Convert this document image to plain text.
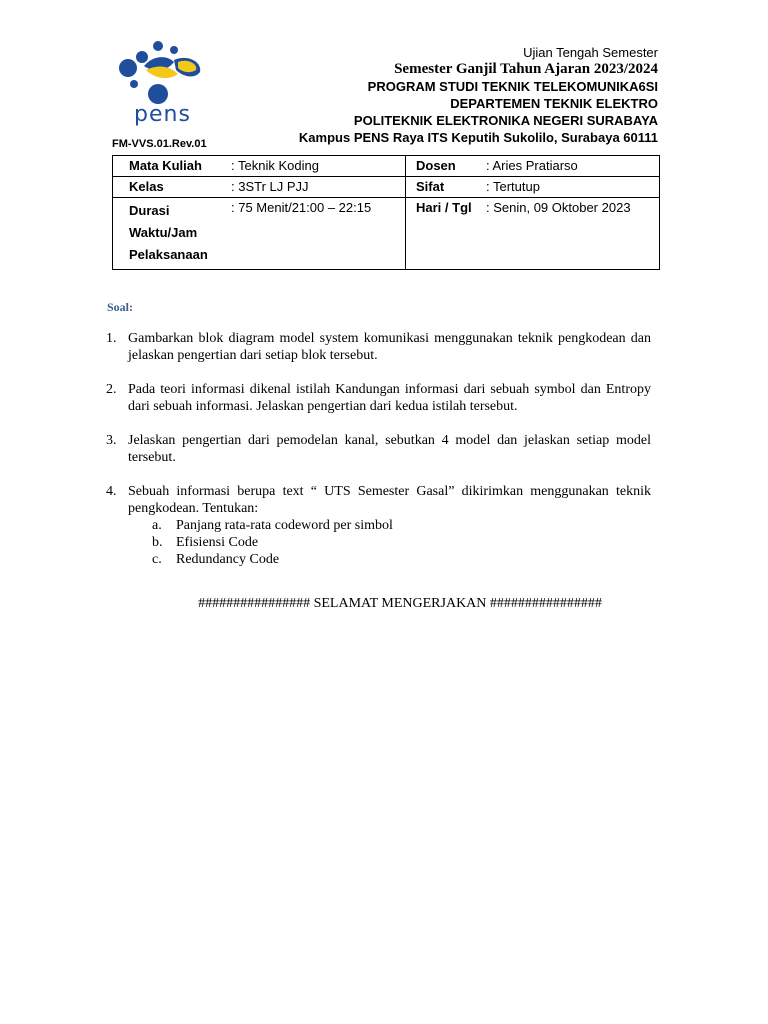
pens
FM-VVS.01.Rev.01
Ujian Tengah Semester
Semester Ganjil Tahun Ajaran 2023/2024
PROGRAM STUDI TEKNIK TELEKOMUNIKA6SI
DEPARTEMEN TEKNIK ELEKTRO
POLITEKNIK ELEKTRONIKA NEGERI SURABAYA
Kampus PENS Raya ITS Keputih Sukolilo, Surabaya 60111
Mata Kuliah : Teknik Koding	Dosen : Aries Pratiarso

Kelas : 3STr LJ PJJ	Sifat : Tertutup

Durasi Waktu/Jam
Pelaksanaan
: 75 Menit/21:00 – 22:15	Hari / Tgl : Senin, 09 Oktober 2023
Soal:
1. Gambarkan blok diagram model system komunikasi menggunakan teknik pengkodean dan jelaskan pengertian dari setiap blok tersebut.
2. Pada teori informasi dikenal istilah Kandungan informasi dari sebuah symbol dan Entropy dari sebuah informasi. Jelaskan pengertian dari kedua istilah tersebut.
3. Jelaskan pengertian dari pemodelan kanal, sebutkan 4 model dan jelaskan setiap model tersebut.
4. Sebuah informasi berupa text “ UTS Semester Gasal” dikirimkan menggunakan teknik pengkodean. Tentukan:
a.	Panjang rata-rata codeword per simbol
b. Efisiensi Code
c.	Redundancy Code
################ SELAMAT MENGERJAKAN ################
